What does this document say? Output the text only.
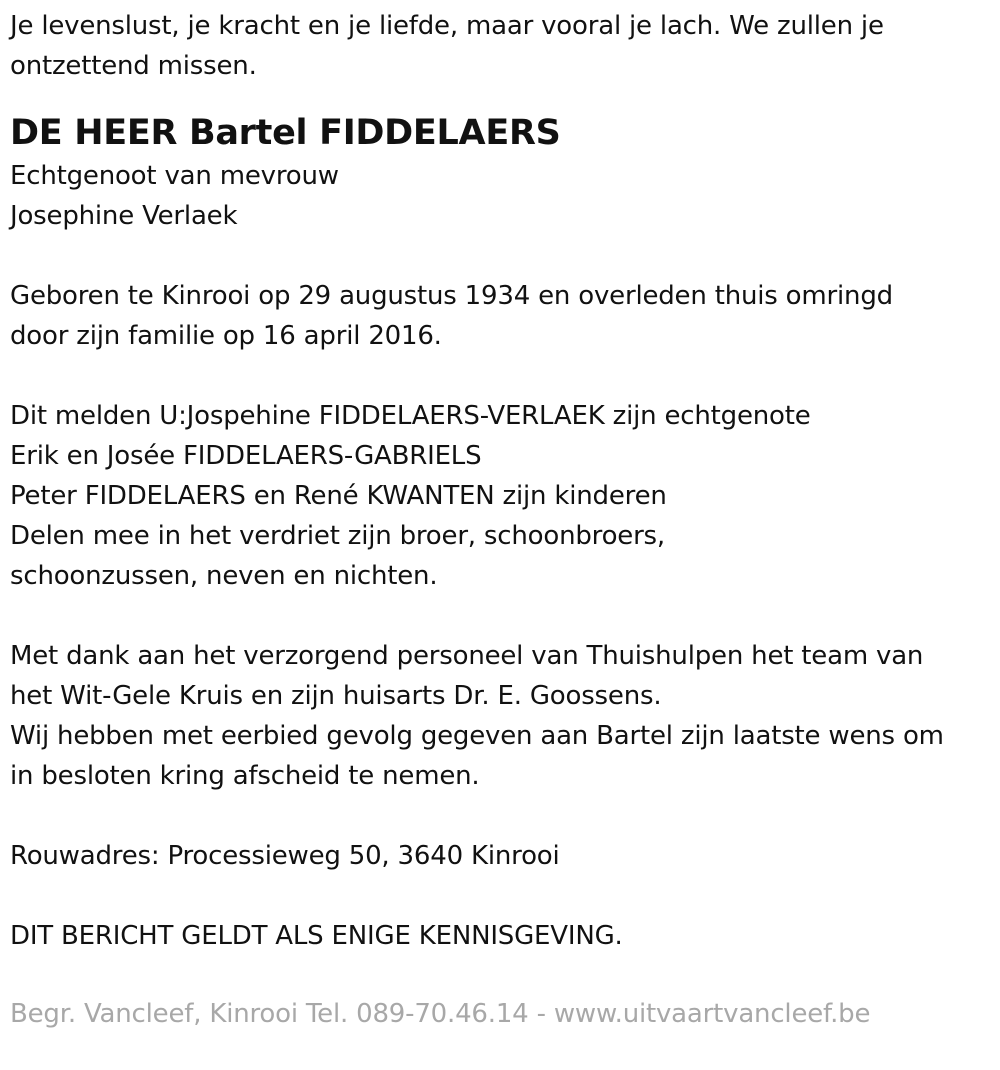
Je levenslust, je kracht en je liefde, maar vooral je lach. We zullen je
ontzettend missen.
DE HEER Bartel FIDDELAERS
Echtgenoot van mevrouw
Josephine Verlaek
Geboren te Kinrooi op 29 augustus 1934 en overleden thuis omringd
door zijn familie op 16 april 2016.
Dit melden U:Jospehine FIDDELAERS-VERLAEK zijn echtgenote
Erik en Josée FIDDELAERS-GABRIELS
Peter FIDDELAERS en René KWANTEN zijn kinderen
Delen mee in het verdriet zijn broer, schoonbroers,
schoonzussen, neven en nichten.
Met dank aan het verzorgend personeel van Thuishulpen het team van
het Wit-Gele Kruis en zijn huisarts Dr. E. Goossens.
Wij hebben met eerbied gevolg gegeven aan Bartel zijn laatste wens om
in besloten kring afscheid te nemen.
Rouwadres: Processieweg 50, 3640 Kinrooi
DIT BERICHT GELDT ALS ENIGE KENNISGEVING.
Begr. Vancleef, Kinrooi Tel. 089-70.46.14 - www.uitvaartvancleef.be
